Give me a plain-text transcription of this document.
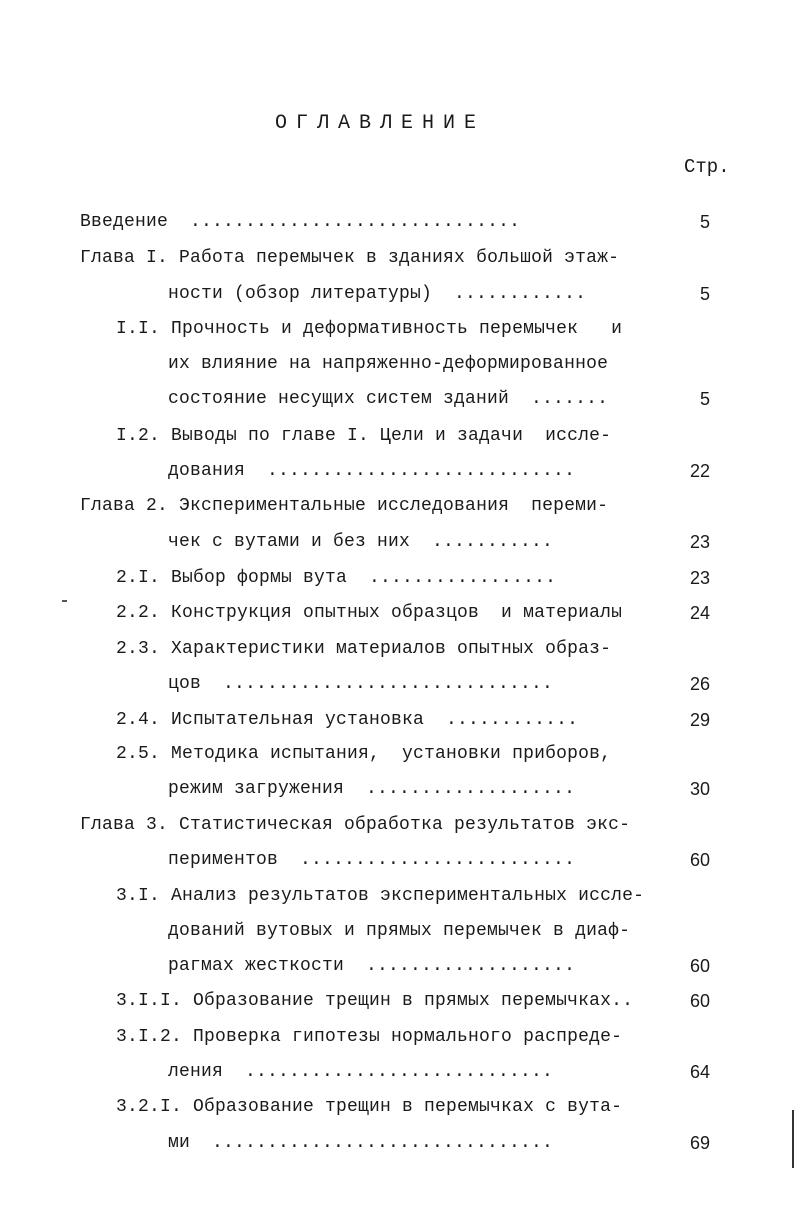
ОГЛАВЛЕНИЕ
Стр.
Введение  ..............................	5
Глава I. Работа перемычек в зданиях большой этаж-
ности (обзор литературы)  ............	5
I.I. Прочность и деформативность перемычек   и
их влияние на напряженно-деформированное
состояние несущих систем зданий  .......	5
I.2. Выводы по главе I. Цели и задачи  иссле-
дования  ............................	22
Глава 2. Экспериментальные исследования  переми-
чек с вутами и без них  ...........	23
2.I. Выбор формы вута  .................	23
2.2. Конструкция опытных образцов  и материалы	24
2.3. Характеристики материалов опытных образ-
цов  ..............................	26
2.4. Испытательная установка  ............	29
2.5. Методика испытания,  установки приборов,
режим загружения  ...................	30
Глава 3. Статистическая обработка результатов экс-
периментов  .........................	60
3.I. Анализ результатов экспериментальных иссле-
дований вутовых и прямых перемычек в диаф-
рагмах жесткости  ...................	60
3.I.I. Образование трещин в прямых перемычках..	60
3.I.2. Проверка гипотезы нормального распреде-
ления  ............................	64
3.2.I. Образование трещин в перемычках с вута-
ми  ...............................	69
